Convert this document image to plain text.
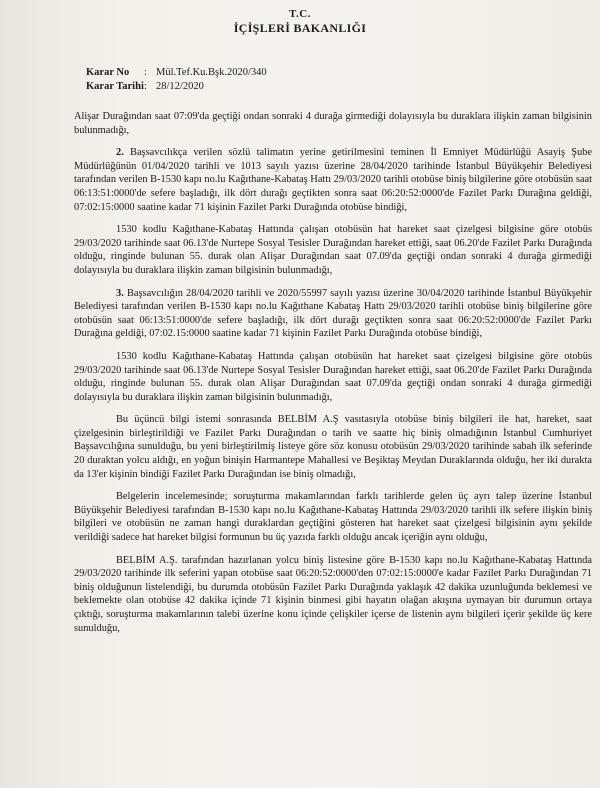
T.C.
İÇİŞLERİ BAKANLIĞI
Karar No	: Mül.Tef.Ku.Bşk.2020/340
Karar Tarihi : 28/12/2020

Alişar Durağından saat 07:09'da geçtiği ondan sonraki 4 durağa girmediği dolayısıyla bu duraklara ilişkin zaman bilgisinin bulunmadığı,

2. Başsavcılıkça verilen sözlü talimatın yerine getirilmesini teminen İl Emniyet Müdürlüğü Asayiş Şube Müdürlüğünün 01/04/2020 tarihli ve 1013 sayılı yazısı üzerine 28/04/2020 tarihinde İstanbul Büyükşehir Belediyesi tarafından verilen B-1530 kapı no.lu Kağıthane-Kabataş Hattı 29/03/2020 tarihli otobüse biniş bilgilerine göre otobüsün saat 06:13:51:0000'de sefere başladığı, ilk dört durağı geçtikten sonra saat 06:20:52:0000'de Fazilet Parkı Durağına geldiği, 07:02:15:0000 saatine kadar 71 kişinin Fazilet Parkı Durağında otobüse bindiği,

1530 kodlu Kağıthane-Kabataş Hattında çalışan otobüsün hat hareket saat çizelgesi bilgisine göre otobüs 29/03/2020 tarihinde saat 06.13'de Nurtepe Sosyal Tesisler Durağından hareket ettiği, saat 06.20'de Fazilet Parkı Durağında olduğu, ringinde bulunan 55. durak olan Alişar Durağından saat 07.09'da geçtiği ondan sonraki 4 durağa girmediği dolayısıyla bu duraklara ilişkin zaman bilgisinin bulunmadığı,

3. Başsavcılığın 28/04/2020 tarihli ve 2020/55997 sayılı yazısı üzerine 30/04/2020 tarihinde İstanbul Büyükşehir Belediyesi tarafından verilen B-1530 kapı no.lu Kağıthane Kabataş Hattı 29/03/2020 tarihli otobüse biniş bilgilerine göre otobüsün saat 06:13:51:0000'de sefere başladığı, ilk dört durağı geçtikten sonra saat 06:20:52:0000'de Fazilet Parkı Durağına geldiği, 07:02.15:0000 saatine kadar 71 kişinin Fazilet Parkı Durağında otobüse bindiği,

1530 kodlu Kağıthane-Kabataş Hattında çalışan otobüsün hat hareket saat çizelgesi bilgisine göre otobüs 29/03/2020 tarihinde saat 06.13'de Nurtepe Sosyal Tesisler Durağından hareket ettiği, saat 06.20'de Fazilet Parkı Durağında olduğu, ringinde bulunan 55. durak olan Alişar Durağından saat 07.09'da geçtiği ondan sonraki 4 durağa girmediği dolayısıyla bu duraklara ilişkin zaman bilgisinin bulunmadığı,

Bu üçüncü bilgi istemi sonrasında BELBİM A.Ş vasıtasıyla otobüse biniş bilgileri ile hat, hareket, saat çizelgesinin birleştirildiği ve Fazilet Parkı Durağından o tarih ve saatte hiç biniş olmadığının İstanbul Cumhuriyet Başsavcılığına sunulduğu, bu yeni birleştirilmiş listeye göre söz konusu otobüsün 29/03/2020 tarihinde sabah ilk seferinde 20 duraktan yolcu aldığı, en yoğun binişin Harmantepe Mahallesi ve Beşiktaş Meydan Duraklarında olduğu, her iki durakta da 13'er kişinin bindiği Fazilet Parkı Durağından ise biniş olmadığı,

Belgelerin incelemesinde; soruşturma makamlarından farklı tarihlerde gelen üç ayrı talep üzerine İstanbul Büyükşehir Belediyesi tarafından B-1530 kapı no.lu Kağıthane-Kabataş Hattında 29/03/2020 tarihli ilk sefere ilişkin biniş bilgileri ve otobüsün ne zaman hangi duraklardan geçtiğini gösteren hat hareket saat çizelgesi bilgisinin aynı şekilde verildiği sadece hat hareket bilgisi formunun bu üç yazıda farklı olduğu ancak içeriğin aynı olduğu,

BELBİM A.Ş. tarafından hazırlanan yolcu biniş listesine göre B-1530 kapı no.lu Kağıthane-Kabataş Hattında 29/03/2020 tarihinde ilk seferini yapan otobüse saat 06:20:52:0000'den 07:02:15:0000'e kadar Fazilet Parkı Durağından 71 biniş olduğunun listelendiği, bu durumda otobüsün Fazilet Parkı Durağında yaklaşık 42 dakika uzunluğunda beklemesi ve beklemekte olan otobüse 42 dakika içinde 71 kişinin binmesi gibi hayatın olağan akışına uymayan bir durumun ortaya çıktığı, soruşturma makamlarının talebi üzerine konu içinde çelişkiler içerse de listenin aynı bilgileri içerir şekilde üç kere sunulduğu,
